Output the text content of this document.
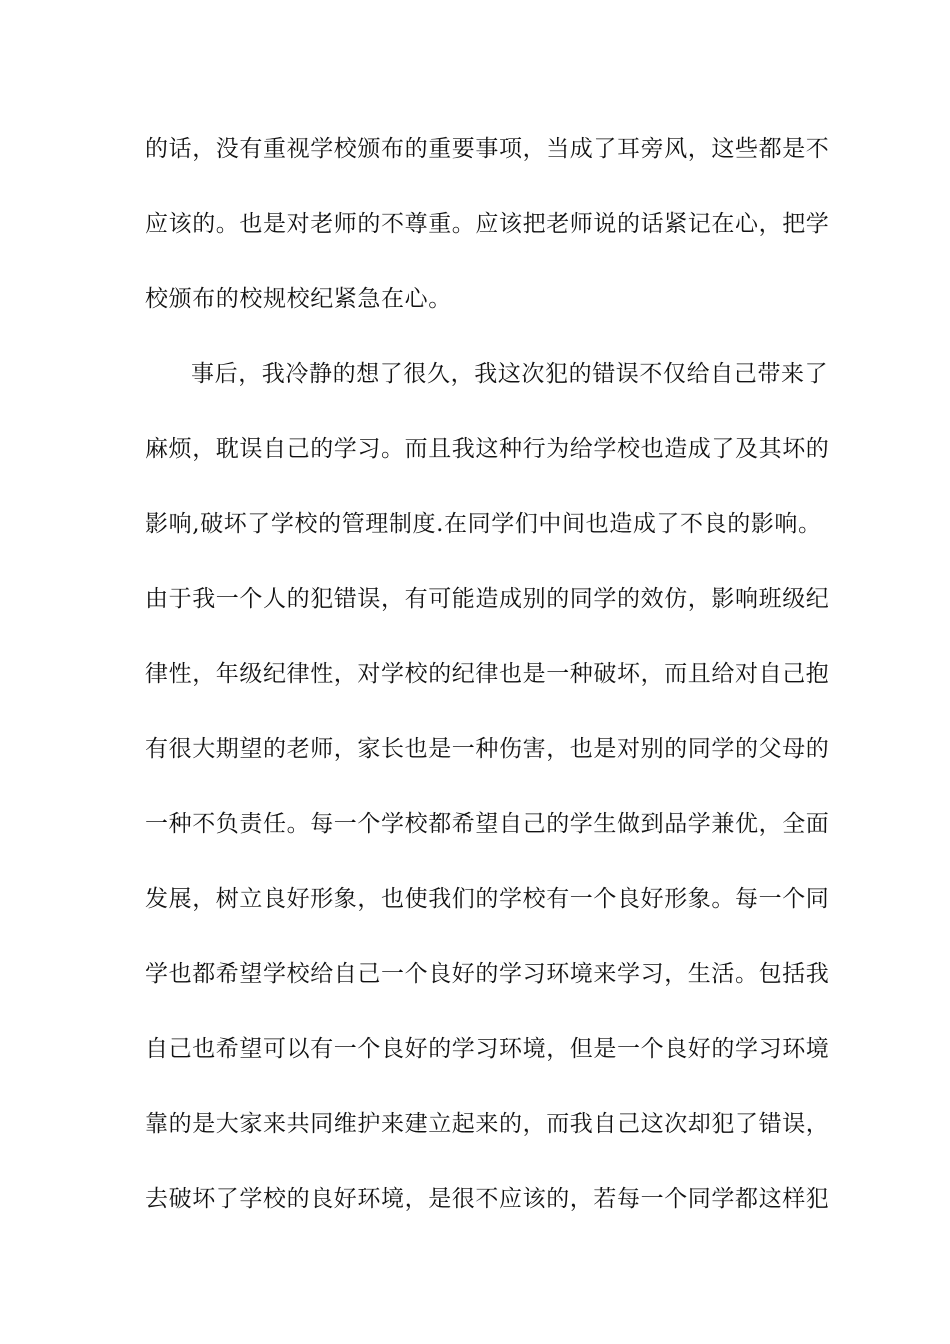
的话，没有重视学校颁布的重要事项，当成了耳旁风，这些都是不
应该的。也是对老师的不尊重。应该把老师说的话紧记在心，把学
校颁布的校规校纪紧急在心。
事后，我冷静的想了很久，我这次犯的错误不仅给自己带来了
麻烦，耽误自己的学习。而且我这种行为给学校也造成了及其坏的
影响,破坏了学校的管理制度.在同学们中间也造成了不良的影响。
由于我一个人的犯错误，有可能造成别的同学的效仿，影响班级纪
律性，年级纪律性，对学校的纪律也是一种破坏，而且给对自己抱
有很大期望的老师，家长也是一种伤害，也是对别的同学的父母的
一种不负责任。每一个学校都希望自己的学生做到品学兼优，全面
发展，树立良好形象，也使我们的学校有一个良好形象。每一个同
学也都希望学校给自己一个良好的学习环境来学习，生活。包括我
自己也希望可以有一个良好的学习环境，但是一个良好的学习环境
靠的是大家来共同维护来建立起来的，而我自己这次却犯了错误，
去破坏了学校的良好环境，是很不应该的，若每一个同学都这样犯
